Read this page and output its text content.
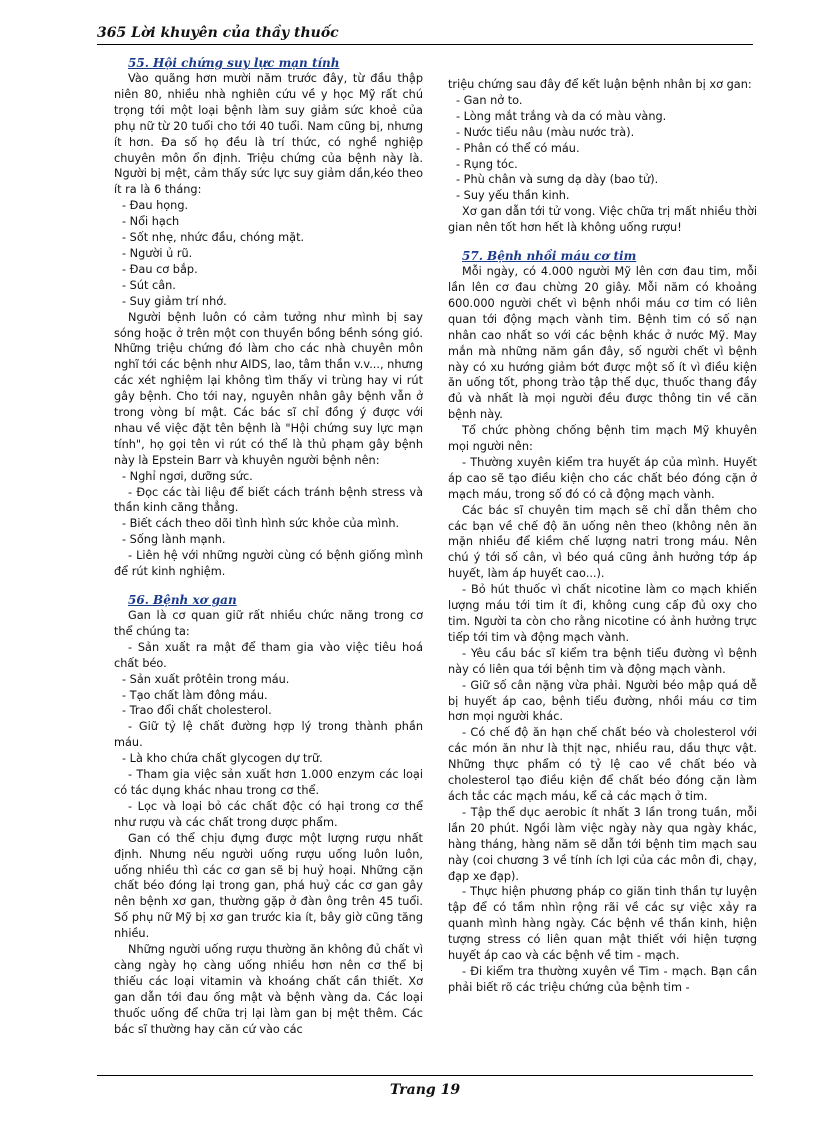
365 Lời khuyên của thầy thuốc

55. Hội chứng suy lực mạn tính

Vào quãng hơn mười năm trước đây, từ đầu thập niên 80, nhiều nhà nghiên cứu về y học Mỹ rất chú trọng tới một loại bệnh làm suy giảm sức khoẻ của phụ nữ từ 20 tuổi cho tới 40 tuổi. Nam cũng bị, nhưng ít hơn. Đa số họ đều là trí thức, có nghề nghiệp chuyên môn ổn định. Triệu chứng của bệnh này là. Người bị mệt, cảm thấy sức lực suy giảm dần,kéo theo ít ra là 6 tháng:

- Đau họng.

- Nổi hạch

- Sốt nhẹ, nhức đầu, chóng mặt.

- Người ủ rũ.

- Đau cơ bắp.

- Sút cân.

- Suy giảm trí nhớ.

Người bệnh luôn có cảm tưởng như mình bị say sóng hoặc ở trên một con thuyền bồng bềnh sóng gió. Những triệu chứng đó làm cho các nhà chuyên môn nghĩ tới các bệnh như AIDS, lao, tâm thần v.v..., nhưng các xét nghiệm lại không tìm thấy vi trùng hay vi rút gây bệnh. Cho tới nay, nguyên nhân gây bệnh vẫn ở trong vòng bí mật. Các bác sĩ chỉ đồng ý được với nhau về việc đặt tên bệnh là "Hội chứng suy lực mạn tính", họ gọi tên vi rút có thể là thủ phạm gây bệnh này là Epstein Barr và khuyên người bệnh nên:

- Nghỉ ngơi, dưỡng sức.

- Đọc các tài liệu để biết cách tránh bệnh stress và thần kinh căng thẳng.

- Biết cách theo dõi tình hình sức khỏe của mình.

- Sống lành mạnh.

- Liên hệ với những người cùng có bệnh giống mình để rút kinh nghiệm.

56. Bệnh xơ gan

Gan là cơ quan giữ rất nhiều chức năng trong cơ thể chúng ta:

- Sản xuất ra mật để tham gia vào việc tiêu hoá chất béo.

- Sản xuất prôtêin trong máu.

- Tạo chất làm đông máu.

- Trao đổi chất cholesterol.

- Giữ tỷ lệ chất đường hợp lý trong thành phần máu.

- Là kho chứa chất glycogen dự trữ.

- Tham gia việc sản xuất hơn 1.000 enzym các loại có tác dụng khác nhau trong cơ thể.

- Lọc và loại bỏ các chất độc có hại trong cơ thể như rượu và các chất trong dược phẩm.

Gan có thể chịu đựng được một lượng rượu nhất định. Nhưng nếu người uống rượu uống luôn luôn, uống nhiều thì các cơ gan sẽ bị huỷ hoại. Những cặn chất béo đóng lại trong gan, phá huỷ các cơ gan gây nên bệnh xơ gan, thường gặp ở đàn ông trên 45 tuổi. Số phụ nữ Mỹ bị xơ gan trước kia ít, bây giờ cũng tăng nhiều.

Những người uống rượu thường ăn không đủ chất vì càng ngày họ càng uống nhiều hơn nên cơ thể bị thiếu các loại vitamin và khoáng chất cần thiết. Xơ gan dẫn tới đau ống mật và bệnh vàng da. Các loại thuốc uống để chữa trị lại làm gan bị mệt thêm. Các bác sĩ thường hay căn cứ vào các

triệu chứng sau đây để kết luận bệnh nhân bị xơ gan:

- Gan nở to.

- Lòng mắt trắng và da có màu vàng.

- Nước tiểu nâu (màu nước trà).

- Phân có thể có máu.

- Rụng tóc.

- Phù chân và sưng dạ dày (bao tử).

- Suy yếu thần kinh.

Xơ gan dẫn tới tử vong. Việc chữa trị mất nhiều thời gian nên tốt hơn hết là không uống rượu!

57. Bệnh nhồi máu cơ tim

Mỗi ngày, có 4.000 người Mỹ lên cơn đau tim, mỗi lần lên cơ đau chừng 20 giây. Mỗi năm có khoảng 600.000 người chết vì bệnh nhồi máu cơ tim có liên quan tới động mạch vành tim. Bệnh tim có số nạn nhân cao nhất so với các bệnh khác ở nước Mỹ. May mắn mà những năm gần đây, số người chết vì bệnh này có xu hướng giảm bớt được một số ít vì điều kiện ăn uống tốt, phong trào tập thể dục, thuốc thang đầy đủ và nhất là mọi người đều được thông tin về căn bệnh này.

Tổ chức phòng chống bệnh tim mạch Mỹ khuyên mọi người nên:

- Thường xuyên kiểm tra huyết áp của mình. Huyết áp cao sẽ tạo điều kiện cho các chất béo đóng cặn ở mạch máu, trong số đó có cả động mạch vành.

Các bác sĩ chuyên tim mạch sẽ chỉ dẫn thêm cho các bạn về chế độ ăn uống nên theo (không nên ăn mặn nhiều để kiềm chế lượng natri trong máu. Nên chú ý tới số cân, vì béo quá cũng ảnh hưởng tớp áp huyết, làm áp huyết cao...).

- Bỏ hút thuốc vì chất nicotine làm co mạch khiến lượng máu tới tim ít đi, không cung cấp đủ oxy cho tim. Người ta còn cho rằng nicotine có ảnh hưởng trực tiếp tới tim và động mạch vành.

- Yêu cầu bác sĩ kiểm tra bệnh tiểu đường vì bệnh này có liên qua tới bệnh tim và động mạch vành.

- Giữ số cân nặng vừa phải. Người béo mập quá dễ bị huyết áp cao, bệnh tiểu đường, nhồi máu cơ tim hơn mọi người khác.

- Có chế độ ăn hạn chế chất béo và cholesterol với các món ăn như là thịt nạc, nhiều rau, dầu thực vật. Những thực phẩm có tỷ lệ cao về chất béo và cholesterol tạo điều kiện để chất béo đóng cặn làm ách tắc các mạch máu, kể cả các mạch ở tim.

- Tập thể dục aerobic ít nhất 3 lần trong tuần, mỗi lần 20 phút. Ngồi làm việc ngày này qua ngày khác, hàng tháng, hàng năm sẽ dẫn tới bệnh tim mạch sau này (coi chương 3 về tính ích lợi của các môn đi, chạy, đạp xe đạp).

- Thực hiện phương pháp co giãn tinh thần tự luyện tập để có tầm nhìn rộng rãi về các sự việc xảy ra quanh mình hàng ngày. Các bệnh về thần kinh, hiện tượng stress có liên quan mật thiết với hiện tượng huyết áp cao và các bệnh về tim - mạch.

- Đi kiểm tra thường xuyên về Tim - mạch. Bạn cần phải biết rõ các triệu chứng của bệnh tim -

Trang 19
